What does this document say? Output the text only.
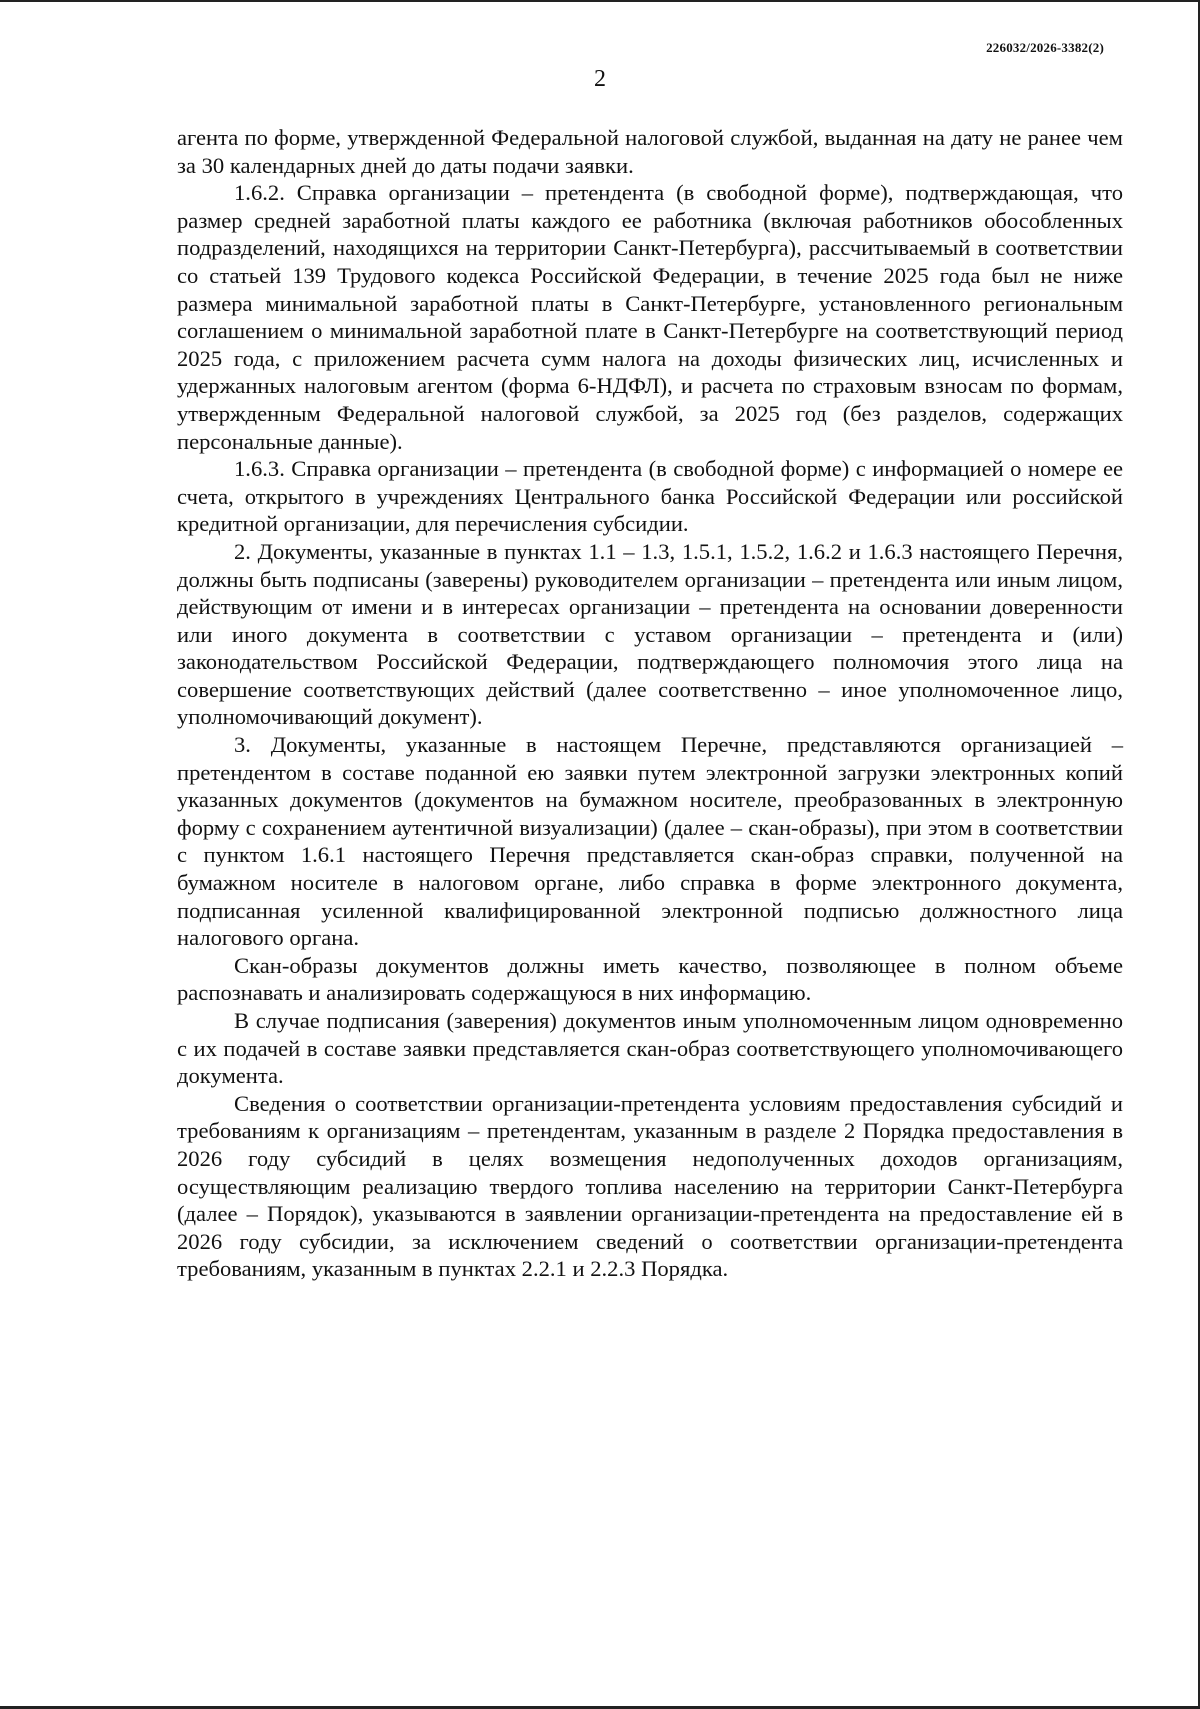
226032/2026-3382(2)
2

агента по форме, утвержденной Федеральной налоговой службой, выданная на дату не ранее чем за 30 календарных дней до даты подачи заявки.

1.6.2. Справка организации – претендента (в свободной форме), подтверждающая, что размер средней заработной платы каждого ее работника (включая работников обособленных подразделений, находящихся на территории Санкт-Петербурга), рассчитываемый в соответствии со статьей 139 Трудового кодекса Российской Федерации, в течение 2025 года был не ниже размера минимальной заработной платы в Санкт-Петербурге, установленного региональным соглашением о минимальной заработной плате в Санкт-Петербурге на соответствующий период 2025 года, с приложением расчета сумм налога на доходы физических лиц, исчисленных и удержанных налоговым агентом (форма 6-НДФЛ), и расчета по страховым взносам по формам, утвержденным Федеральной налоговой службой, за 2025 год (без разделов, содержащих персональные данные).

1.6.3. Справка организации – претендента (в свободной форме) с информацией о номере ее счета, открытого в учреждениях Центрального банка Российской Федерации или российской кредитной организации, для перечисления субсидии.

2. Документы, указанные в пунктах 1.1 – 1.3, 1.5.1, 1.5.2, 1.6.2 и 1.6.3 настоящего Перечня, должны быть подписаны (заверены) руководителем организации – претендента или иным лицом, действующим от имени и в интересах организации – претендента на основании доверенности или иного документа в соответствии с уставом организации – претендента и (или) законодательством Российской Федерации, подтверждающего полномочия этого лица на совершение соответствующих действий (далее соответственно – иное уполномоченное лицо, уполномочивающий документ).

3. Документы, указанные в настоящем Перечне, представляются организацией – претендентом в составе поданной ею заявки путем электронной загрузки электронных копий указанных документов (документов на бумажном носителе, преобразованных в электронную форму с сохранением аутентичной визуализации) (далее – скан-образы), при этом в соответствии с пунктом 1.6.1 настоящего Перечня представляется скан-образ справки, полученной на бумажном носителе в налоговом органе, либо справка в форме электронного документа, подписанная усиленной квалифицированной электронной подписью должностного лица налогового органа.

Скан-образы документов должны иметь качество, позволяющее в полном объеме распознавать и анализировать содержащуюся в них информацию.

В случае подписания (заверения) документов иным уполномоченным лицом одновременно с их подачей в составе заявки представляется скан-образ соответствующего уполномочивающего документа.

Сведения о соответствии организации-претендента условиям предоставления субсидий и требованиям к организациям – претендентам, указанным в разделе 2 Порядка предоставления в 2026 году субсидий в целях возмещения недополученных доходов организациям, осуществляющим реализацию твердого топлива населению на территории Санкт-Петербурга (далее – Порядок), указываются в заявлении организации-претендента на предоставление ей в 2026 году субсидии, за исключением сведений о соответствии организации-претендента требованиям, указанным в пунктах 2.2.1 и 2.2.3 Порядка.
